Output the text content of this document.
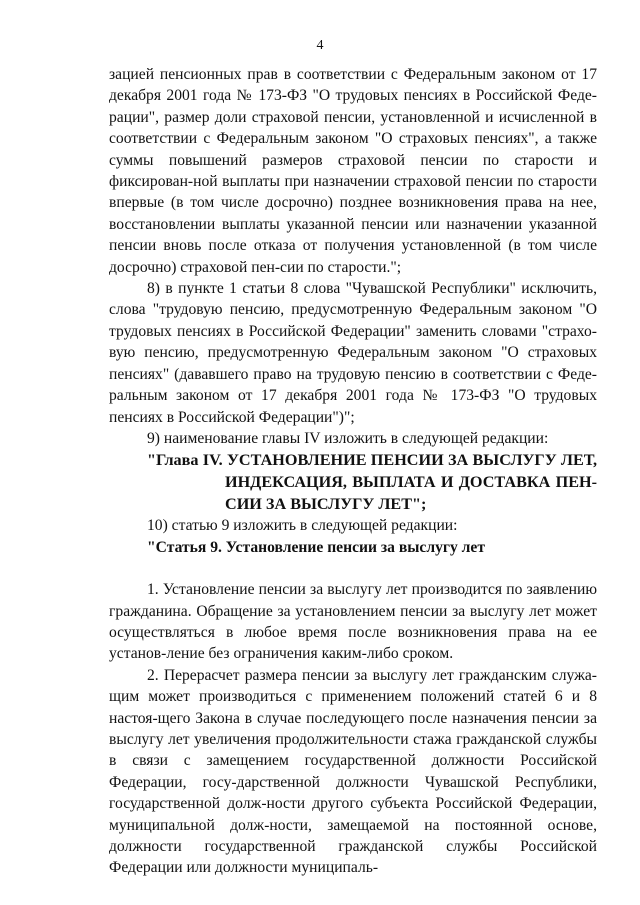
4

зацией пенсионных прав в соответствии с Федеральным законом от 17 декабря 2001 года № 173-ФЗ "О трудовых пенсиях в Российской Феде-рации", размер доли страховой пенсии, установленной и исчисленной в соответствии с Федеральным законом "О страховых пенсиях", а также суммы повышений размеров страховой пенсии по старости и фиксирован-ной выплаты при назначении страховой пенсии по старости впервые (в том числе досрочно) позднее возникновения права на нее, восстановлении выплаты указанной пенсии или назначении указанной пенсии вновь после отказа от получения установленной (в том числе досрочно) страховой пен-сии по старости.";

8) в пункте 1 статьи 8 слова "Чувашской Республики" исключить, слова "трудовую пенсию, предусмотренную Федеральным законом "О трудовых пенсиях в Российской Федерации" заменить словами "страхо-вую пенсию, предусмотренную Федеральным законом "О страховых пенсиях" (дававшего право на трудовую пенсию в соответствии с Феде-ральным законом от 17 декабря 2001 года № 173-ФЗ "О трудовых пенсиях в Российской Федерации")";

9) наименование главы IV изложить в следующей редакции:

"Глава IV. УСТАНОВЛЕНИЕ ПЕНСИИ ЗА ВЫСЛУГУ ЛЕТ,
ИНДЕКСАЦИЯ, ВЫПЛАТА И ДОСТАВКА ПЕН-
СИИ ЗА ВЫСЛУГУ ЛЕТ";

10) статью 9 изложить в следующей редакции:

"Статья 9. Установление пенсии за выслугу лет

1. Установление пенсии за выслугу лет производится по заявлению гражданина. Обращение за установлением пенсии за выслугу лет может осуществляться в любое время после возникновения права на ее установ-ление без ограничения каким-либо сроком.

2. Перерасчет размера пенсии за выслугу лет гражданским служа-щим может производиться с применением положений статей 6 и 8 настоя-щего Закона в случае последующего после назначения пенсии за выслугу лет увеличения продолжительности стажа гражданской службы в связи с замещением государственной должности Российской Федерации, госу-дарственной должности Чувашской Республики, государственной долж-ности другого субъекта Российской Федерации, муниципальной долж-ности, замещаемой на постоянной основе, должности государственной гражданской службы Российской Федерации или должности муниципаль-
